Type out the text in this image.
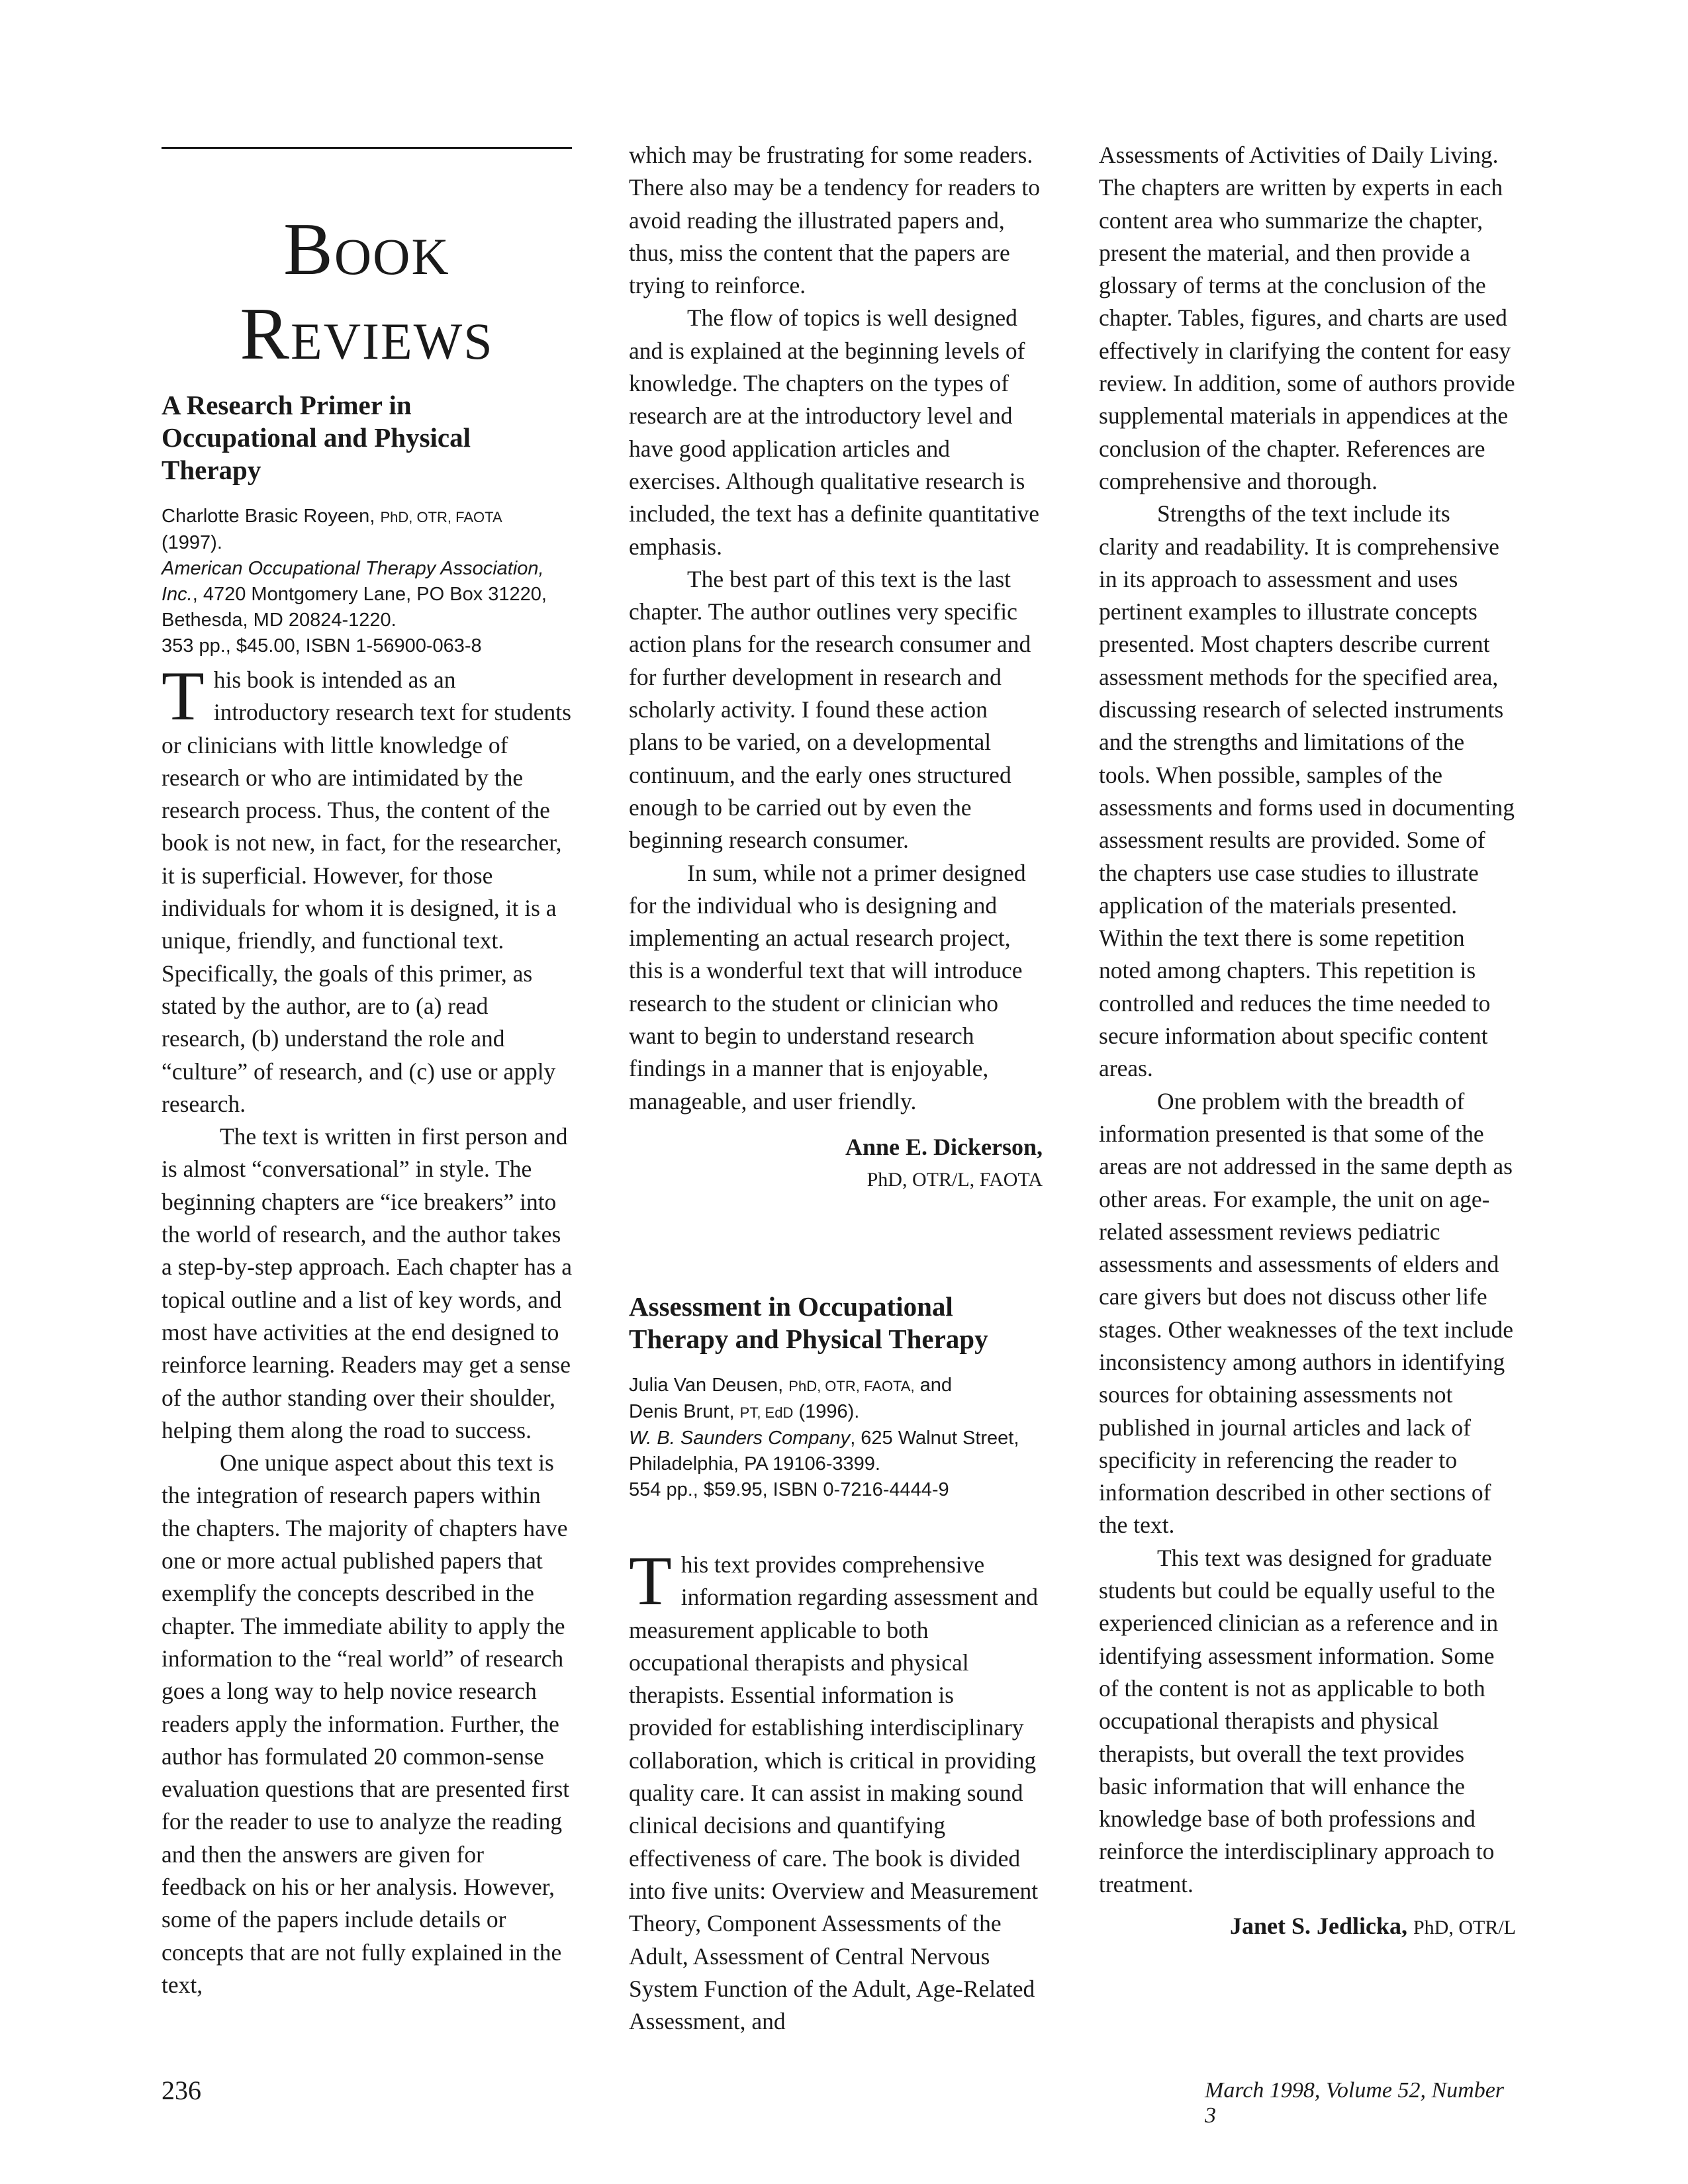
Book
Reviews
A Research Primer in Occupational and Physical Therapy
Charlotte Brasic Royeen, PhD, OTR, FAOTA
(1997).
American Occupational Therapy Association, Inc., 4720 Montgomery Lane, PO Box 31220, Bethesda, MD 20824-1220.
353 pp., $45.00, ISBN 1-56900-063-8

This book is intended as an introductory research text for students or clinicians with little knowledge of research or who are intimidated by the research process. Thus, the content of the book is not new, in fact, for the researcher, it is superficial. However, for those individuals for whom it is designed, it is a unique, friendly, and functional text. Specifically, the goals of this primer, as stated by the author, are to (a) read research, (b) understand the role and “culture” of research, and (c) use or apply research.

The text is written in first person and is almost “conversational” in style. The beginning chapters are “ice breakers” into the world of research, and the author takes a step-by-step approach. Each chapter has a topical outline and a list of key words, and most have activities at the end designed to reinforce learning. Readers may get a sense of the author standing over their shoulder, helping them along the road to success.

One unique aspect about this text is the integration of research papers within the chapters. The majority of chapters have one or more actual published papers that exemplify the concepts described in the chapter. The immediate ability to apply the information to the “real world” of research goes a long way to help novice research readers apply the information. Further, the author has formulated 20 common-sense evaluation questions that are presented first for the reader to use to analyze the reading and then the answers are given for feedback on his or her analysis. However, some of the papers include details or concepts that are not fully explained in the text,

236

which may be frustrating for some readers. There also may be a tendency for readers to avoid reading the illustrated papers and, thus, miss the content that the papers are trying to reinforce.

The flow of topics is well designed and is explained at the beginning levels of knowledge. The chapters on the types of research are at the introductory level and have good application articles and exercises. Although qualitative research is included, the text has a definite quantitative emphasis.

The best part of this text is the last chapter. The author outlines very specific action plans for the research consumer and for further development in research and scholarly activity. I found these action plans to be varied, on a developmental continuum, and the early ones structured enough to be carried out by even the beginning research consumer.

In sum, while not a primer designed for the individual who is designing and implementing an actual research project, this is a wonderful text that will introduce research to the student or clinician who want to begin to understand research findings in a manner that is enjoyable, manageable, and user friendly.

Anne E. Dickerson,
PhD, OTR/L, FAOTA
Assessment in Occupational Therapy and Physical Therapy
Julia Van Deusen, PhD, OTR, FAOTA, and
Denis Brunt, PT, EdD (1996).
W. B. Saunders Company, 625 Walnut Street, Philadelphia, PA 19106-3399.
554 pp., $59.95, ISBN 0-7216-4444-9

This text provides comprehensive information regarding assessment and measurement applicable to both occupational therapists and physical therapists. Essential information is provided for establishing interdisciplinary collaboration, which is critical in providing quality care. It can assist in making sound clinical decisions and quantifying effectiveness of care. The book is divided into five units: Overview and Measurement Theory, Component Assessments of the Adult, Assessment of Central Nervous System Function of the Adult, Age-Related Assessment, and

Assessments of Activities of Daily Living. The chapters are written by experts in each content area who summarize the chapter, present the material, and then provide a glossary of terms at the conclusion of the chapter. Tables, figures, and charts are used effectively in clarifying the content for easy review. In addition, some of authors provide supplemental materials in appendices at the conclusion of the chapter. References are comprehensive and thorough.

Strengths of the text include its clarity and readability. It is comprehensive in its approach to assessment and uses pertinent examples to illustrate concepts presented. Most chapters describe current assessment methods for the specified area, discussing research of selected instruments and the strengths and limitations of the tools. When possible, samples of the assessments and forms used in documenting assessment results are provided. Some of the chapters use case studies to illustrate application of the materials presented. Within the text there is some repetition noted among chapters. This repetition is controlled and reduces the time needed to secure information about specific content areas.

One problem with the breadth of information presented is that some of the areas are not addressed in the same depth as other areas. For example, the unit on age-related assessment reviews pediatric assessments and assessments of elders and care givers but does not discuss other life stages. Other weaknesses of the text include inconsistency among authors in identifying sources for obtaining assessments not published in journal articles and lack of specificity in referencing the reader to information described in other sections of the text.

This text was designed for graduate students but could be equally useful to the experienced clinician as a reference and in identifying assessment information. Some of the content is not as applicable to both occupational therapists and physical therapists, but overall the text provides basic information that will enhance the knowledge base of both professions and reinforce the interdisciplinary approach to treatment.

Janet S. Jedlicka, PhD, OTR/L
March 1998, Volume 52, Number 3
